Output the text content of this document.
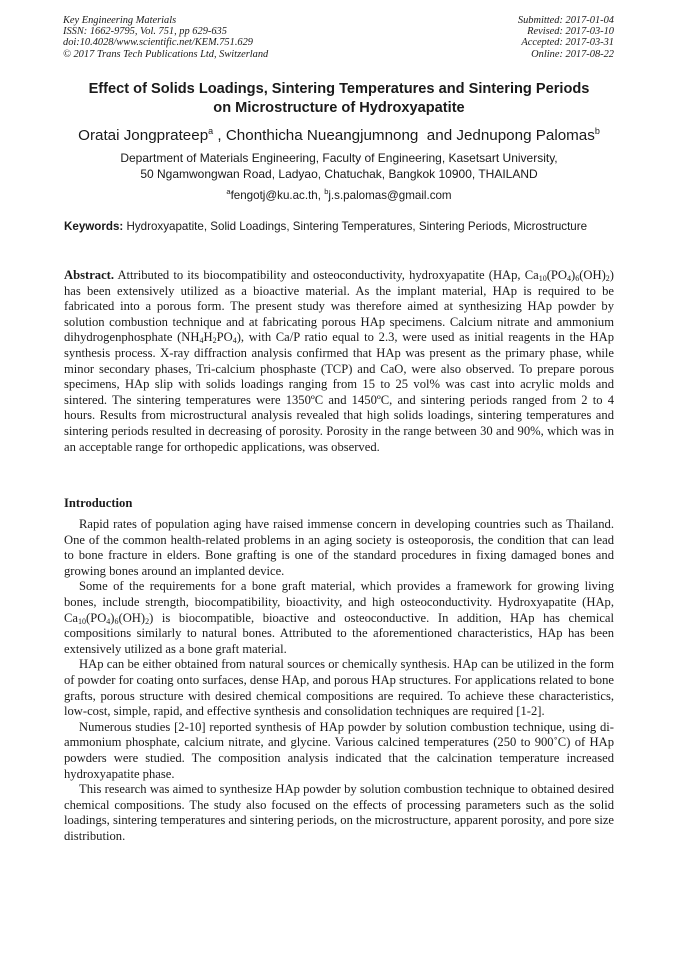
Key Engineering Materials
ISSN: 1662-9795, Vol. 751, pp 629-635
doi:10.4028/www.scientific.net/KEM.751.629
© 2017 Trans Tech Publications Ltd, Switzerland
Submitted: 2017-01-04
Revised: 2017-03-10
Accepted: 2017-03-31
Online: 2017-08-22
Effect of Solids Loadings, Sintering Temperatures and Sintering Periods
on Microstructure of Hydroxyapatite
Oratai Jongprateep$^a$ , Chonthicha Nueangjumnong  and Jednupong Palomas$^b$
Department of Materials Engineering, Faculty of Engineering, Kasetsart University,
50 Ngamwongwan Road, Ladyao, Chatuchak, Bangkok 10900, THAILAND
$^a$fengotj@ku.ac.th, $^b$j.s.palomas@gmail.com
Keywords: Hydroxyapatite, Solid Loadings, Sintering Temperatures, Sintering Periods, Microstructure
Abstract. Attributed to its biocompatibility and osteoconductivity, hydroxyapatite (HAp, $Ca_{10}(PO_4)_6(OH)_2$) has been extensively utilized as a bioactive material. As the implant material, HAp is required to be fabricated into a porous form. The present study was therefore aimed at synthesizing HAp powder by solution combustion technique and at fabricating porous HAp specimens. Calcium nitrate and ammonium dihydrogenphosphate $(NH_4H_2PO_4)$, with Ca/P ratio equal to 2.3, were used as initial reagents in the HAp synthesis process. X-ray diffraction analysis confirmed that HAp was present as the primary phase, while minor secondary phases, Tri-calcium phosphaste (TCP) and CaO, were also observed. To prepare porous specimens, HAp slip with solids loadings ranging from 15 to 25 vol% was cast into acrylic molds and sintered. The sintering temperatures were 1350ºC and 1450ºC, and sintering periods ranged from 2 to 4 hours. Results from microstructural analysis revealed that high solids loadings, sintering temperatures and sintering periods resulted in decreasing of porosity. Porosity in the range between 30 and 90%, which was in an acceptable range for orthopedic applications, was observed.
Introduction

Rapid rates of population aging have raised immense concern in developing countries such as Thailand. One of the common health-related problems in an aging society is osteoporosis, the condition that can lead to bone fracture in elders. Bone grafting is one of the standard procedures in fixing damaged bones and growing bones around an implanted device.

Some of the requirements for a bone graft material, which provides a framework for growing living bones, include strength, biocompatibility, bioactivity, and high osteoconductivity. Hydroxyapatite (HAp, $Ca_{10}(PO_4)_6(OH)_2$) is biocompatible, bioactive and osteoconductive. In addition, HAp has chemical compositions similarly to natural bones. Attributed to the aforementioned characteristics, HAp has been extensively utilized as a bone graft material.

HAp can be either obtained from natural sources or chemically synthesis. HAp can be utilized in the form of powder for coating onto surfaces, dense HAp, and porous HAp structures. For applications related to bone grafts, porous structure with desired chemical compositions are required. To achieve these characteristics, low-cost, simple, rapid, and effective synthesis and consolidation techniques are required [1-2].

Numerous studies [2-10] reported synthesis of HAp powder by solution combustion technique, using di-ammonium phosphate, calcium nitrate, and glycine. Various calcined temperatures (250 to 900˚C) of HAp powders were studied. The composition analysis indicated that the calcination temperature increased hydroxyapatite phase.

This research was aimed to synthesize HAp powder by solution combustion technique to obtained desired chemical compositions. The study also focused on the effects of processing parameters such as the solid loadings, sintering temperatures and sintering periods, on the microstructure, apparent porosity, and pore size distribution.
